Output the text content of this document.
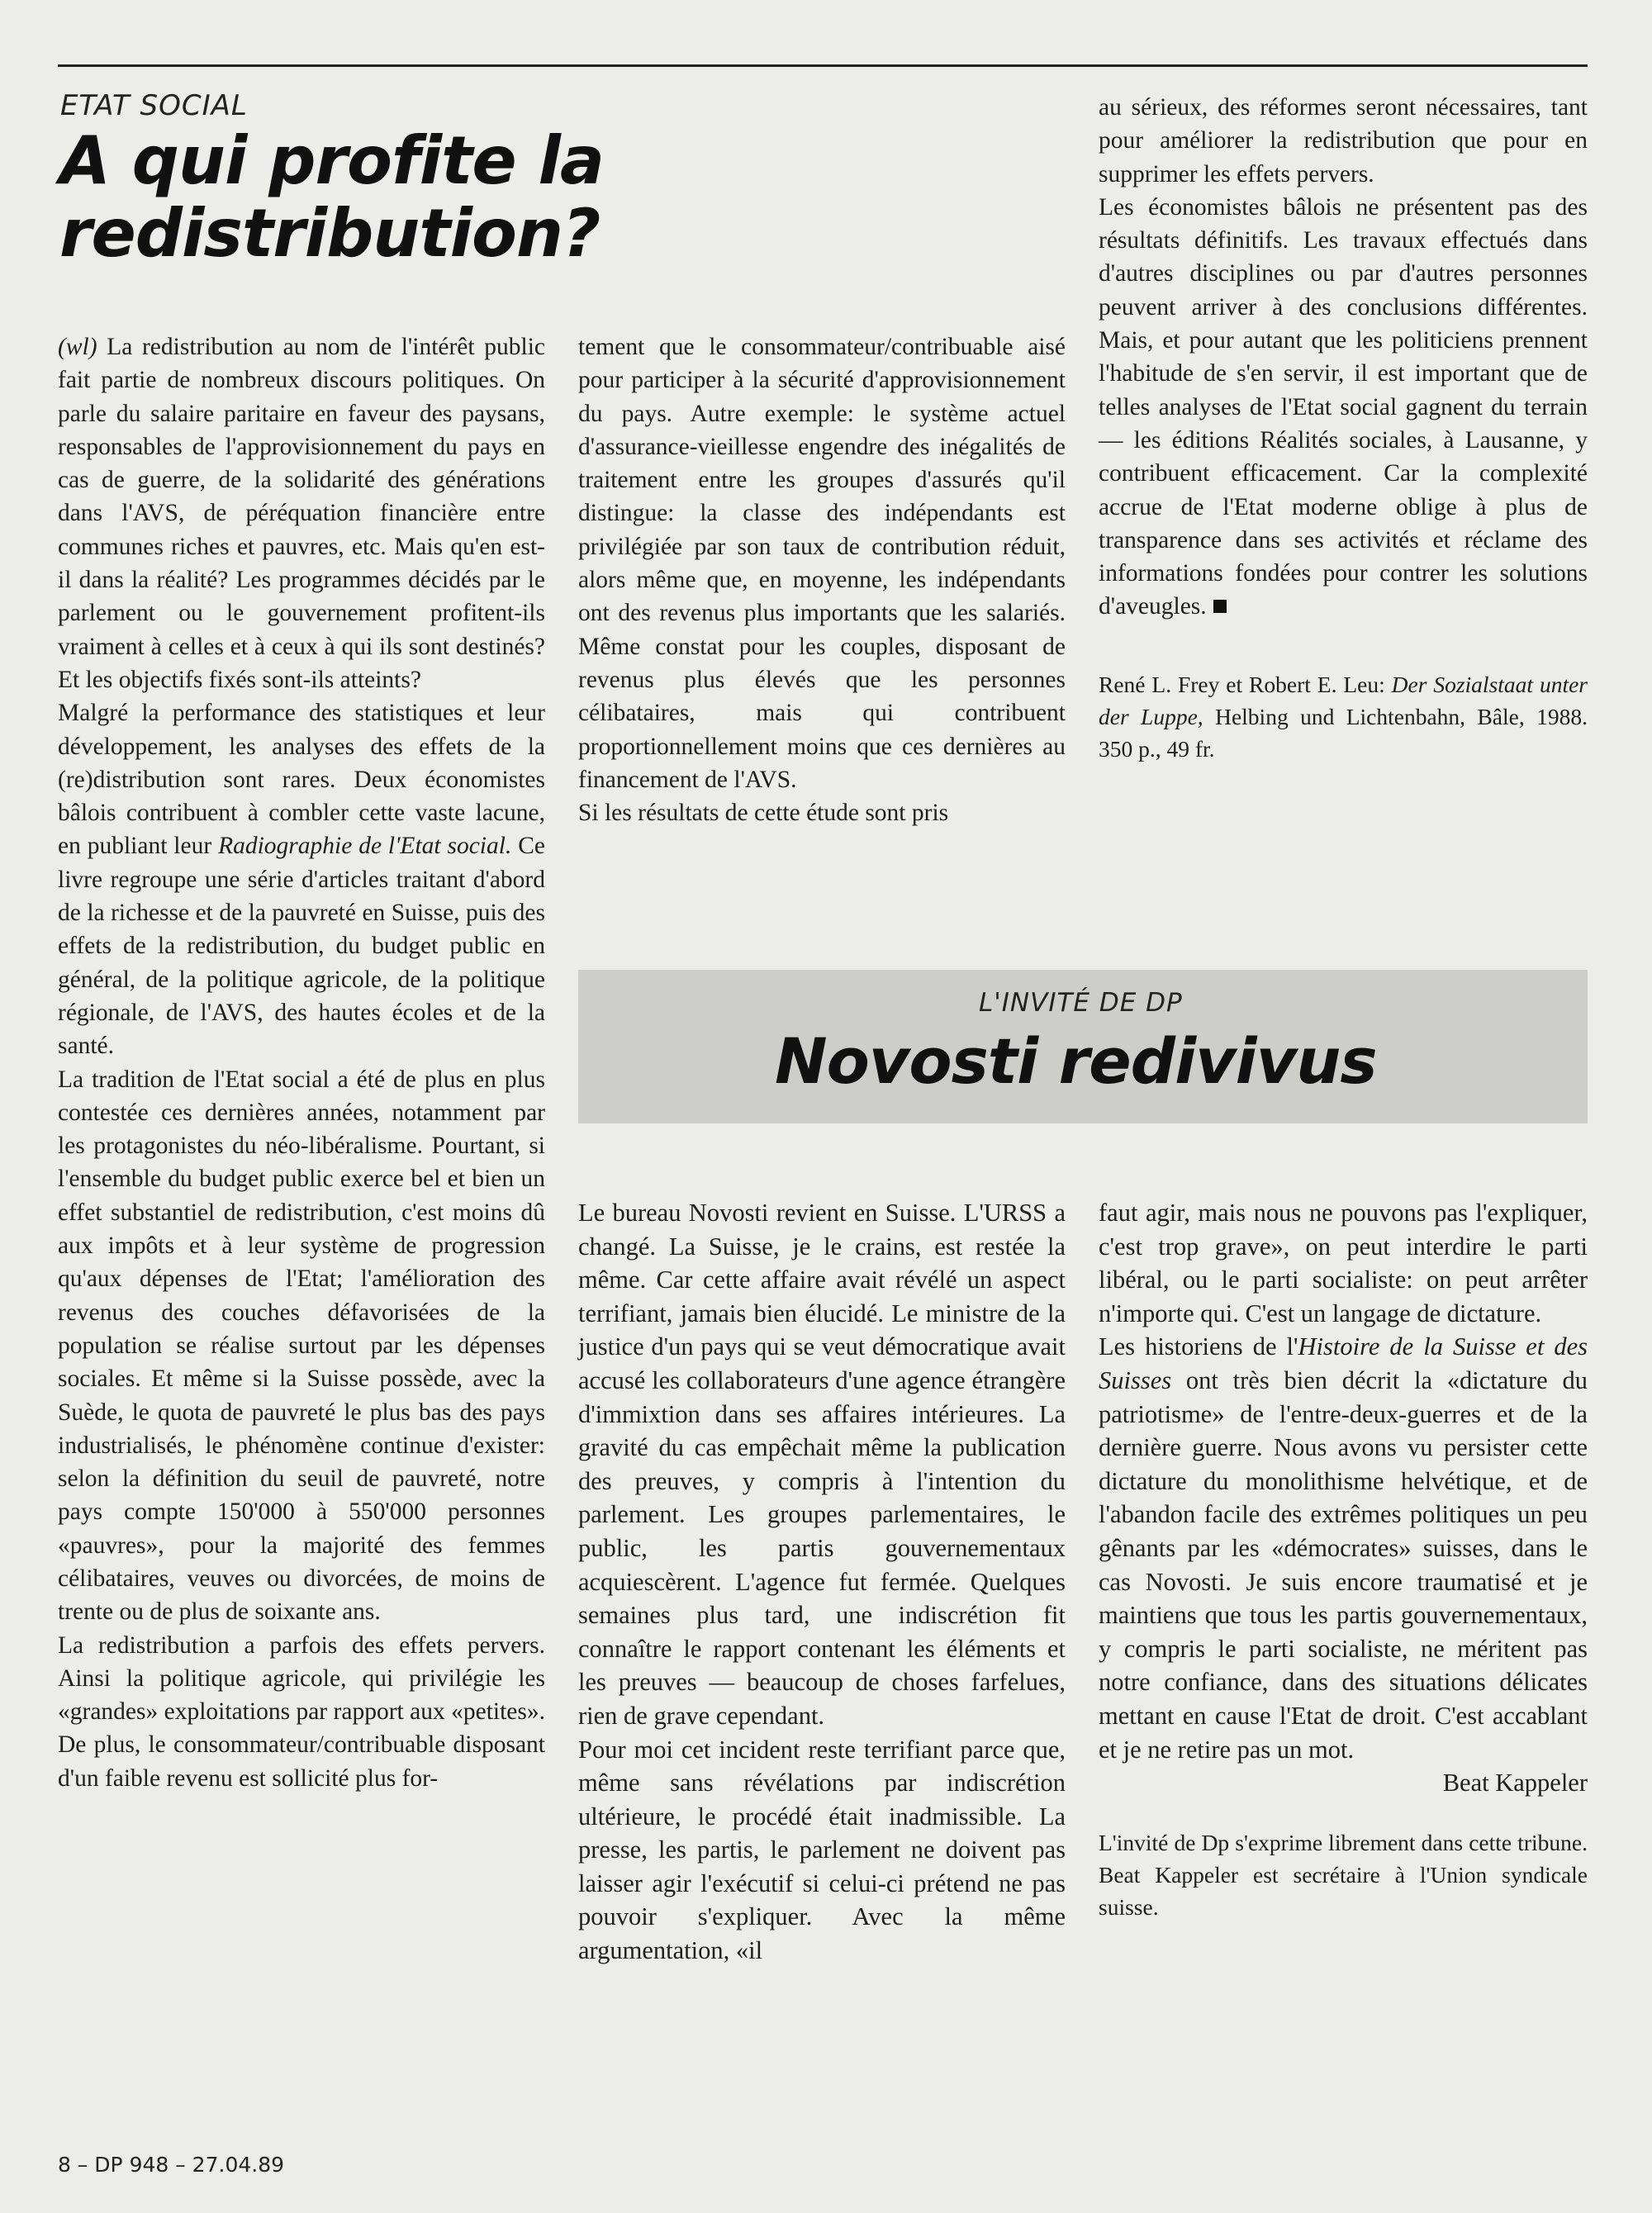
ETAT SOCIAL
A qui profite la
redistribution?

(wl) La redistribution au nom de l'intérêt public fait partie de nombreux discours politiques. On parle du salaire paritaire en faveur des paysans, responsables de l'approvisionnement du pays en cas de guerre, de la solidarité des générations dans l'AVS, de péréquation financière entre communes riches et pauvres, etc. Mais qu'en est-il dans la réalité? Les programmes décidés par le parlement ou le gouvernement profitent-ils vraiment à celles et à ceux à qui ils sont destinés? Et les objectifs fixés sont-ils atteints?

Malgré la performance des statistiques et leur développement, les analyses des effets de la (re)distribution sont rares. Deux économistes bâlois contribuent à combler cette vaste lacune, en publiant leur Radiographie de l'Etat social. Ce livre regroupe une série d'articles traitant d'abord de la richesse et de la pauvreté en Suisse, puis des effets de la redistribution, du budget public en général, de la politique agricole, de la politique régionale, de l'AVS, des hautes écoles et de la santé.

La tradition de l'Etat social a été de plus en plus contestée ces dernières années, notamment par les protagonistes du néo-libéralisme. Pourtant, si l'ensemble du budget public exerce bel et bien un effet substantiel de redistribution, c'est moins dû aux impôts et à leur système de progression qu'aux dépenses de l'Etat; l'amélioration des revenus des couches défavorisées de la population se réalise surtout par les dépenses sociales. Et même si la Suisse possède, avec la Suède, le quota de pauvreté le plus bas des pays industrialisés, le phénomène continue d'exister: selon la définition du seuil de pauvreté, notre pays compte 150'000 à 550'000 personnes «pauvres», pour la majorité des femmes célibataires, veuves ou divorcées, de moins de trente ou de plus de soixante ans.

La redistribution a parfois des effets pervers. Ainsi la politique agricole, qui privilégie les «grandes» exploitations par rapport aux «petites». De plus, le consommateur/contribuable disposant d'un faible revenu est sollicité plus for-

tement que le consommateur/contribuable aisé pour participer à la sécurité d'approvisionnement du pays. Autre exemple: le système actuel d'assurance-vieillesse engendre des inégalités de traitement entre les groupes d'assurés qu'il distingue: la classe des indépendants est privilégiée par son taux de contribution réduit, alors même que, en moyenne, les indépendants ont des revenus plus importants que les salariés. Même constat pour les couples, disposant de revenus plus élevés que les personnes célibataires, mais qui contribuent proportionnellement moins que ces dernières au financement de l'AVS.

Si les résultats de cette étude sont pris

au sérieux, des réformes seront nécessaires, tant pour améliorer la redistribution que pour en supprimer les effets pervers.

Les économistes bâlois ne présentent pas des résultats définitifs. Les travaux effectués dans d'autres disciplines ou par d'autres personnes peuvent arriver à des conclusions différentes. Mais, et pour autant que les politiciens prennent l'habitude de s'en servir, il est important que de telles analyses de l'Etat social gagnent du terrain — les éditions Réalités sociales, à Lausanne, y contribuent efficacement. Car la complexité accrue de l'Etat moderne oblige à plus de transparence dans ses activités et réclame des informations fondées pour contrer les solutions d'aveugles.

René L. Frey et Robert E. Leu: Der Sozialstaat unter der Luppe, Helbing und Lichtenbahn, Bâle, 1988. 350 p., 49 fr.

L'INVITÉ DE DP
Novosti redivivus

Le bureau Novosti revient en Suisse. L'URSS a changé. La Suisse, je le crains, est restée la même. Car cette affaire avait révélé un aspect terrifiant, jamais bien élucidé. Le ministre de la justice d'un pays qui se veut démocratique avait accusé les collaborateurs d'une agence étrangère d'immixtion dans ses affaires intérieures. La gravité du cas empêchait même la publication des preuves, y compris à l'intention du parlement. Les groupes parlementaires, le public, les partis gouvernementaux acquiescèrent. L'agence fut fermée. Quelques semaines plus tard, une indiscrétion fit connaître le rapport contenant les éléments et les preuves — beaucoup de choses farfelues, rien de grave cependant.

Pour moi cet incident reste terrifiant parce que, même sans révélations par indiscrétion ultérieure, le procédé était inadmissible. La presse, les partis, le parlement ne doivent pas laisser agir l'exécutif si celui-ci prétend ne pas pouvoir s'expliquer. Avec la même argumentation, «il

faut agir, mais nous ne pouvons pas l'expliquer, c'est trop grave», on peut interdire le parti libéral, ou le parti socialiste: on peut arrêter n'importe qui. C'est un langage de dictature.

Les historiens de l'Histoire de la Suisse et des Suisses ont très bien décrit la «dictature du patriotisme» de l'entre-deux-guerres et de la dernière guerre. Nous avons vu persister cette dictature du monolithisme helvétique, et de l'abandon facile des extrêmes politiques un peu gênants par les «démocrates» suisses, dans le cas Novosti. Je suis encore traumatisé et je maintiens que tous les partis gouvernementaux, y compris le parti socialiste, ne méritent pas notre confiance, dans des situations délicates mettant en cause l'Etat de droit. C'est accablant et je ne retire pas un mot.

Beat Kappeler

L'invité de Dp s'exprime librement dans cette tribune. Beat Kappeler est secrétaire à l'Union syndicale suisse.

8 – DP 948 – 27.04.89
